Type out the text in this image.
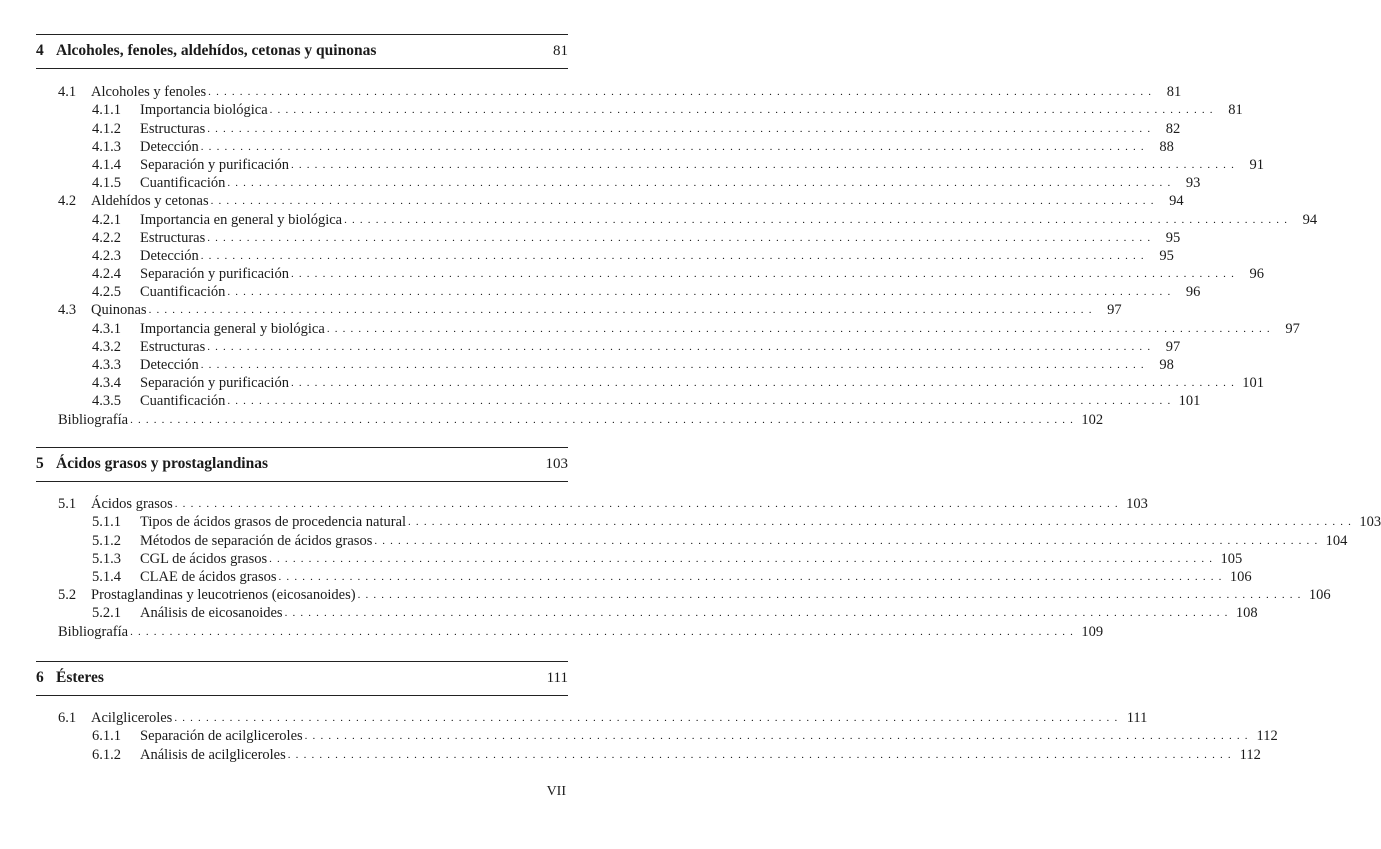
4 Alcoholes, fenoles, aldehídos, cetonas y quinonas	81
4.1	Alcoholes y fenoles . . . . . . . . . . . . . . . . . . . . . . . . . . . . . . . . . . . . . . . . . . . . . . . . . . . . . . . . . . . . . . . . . . . . . . . . . . . . . . . . . . . . . . . . . . . . . . . . . . . . . . . . . . . . . . . . . . . . . . . .	81
4.1.1	Importancia biológica . . . . . . . . . . . . . . . . . . . . . . . . . . . . . . . . . . . . . . . . . . . . . . . . . . . . . . . . . . . . . . . . . . . . . . . . . . . . . . . . . . . . . . . . . . . . . . . . . . . . . . . . . . . . . . . . . . . . . . . .	81
4.1.2	Estructuras . . . . . . . . . . . . . . . . . . . . . . . . . . . . . . . . . . . . . . . . . . . . . . . . . . . . . . . . . . . . . . . . . . . . . . . . . . . . . . . . . . . . . . . . . . . . . . . . . . . . . . . . . . . . . . . . . . . . . . . .	82
4.1.3	Detección . . . . . . . . . . . . . . . . . . . . . . . . . . . . . . . . . . . . . . . . . . . . . . . . . . . . . . . . . . . . . . . . . . . . . . . . . . . . . . . . . . . . . . . . . . . . . . . . . . . . . . . . . . . . . . . . . . . . . . . .	88
4.1.4	Separación y purificación . . . . . . . . . . . . . . . . . . . . . . . . . . . . . . . . . . . . . . . . . . . . . . . . . . . . . . . . . . . . . . . . . . . . . . . . . . . . . . . . . . . . . . . . . . . . . . . . . . . . . . . . . . . . . . . . . . . . . . . .	91
4.1.5	Cuantificación . . . . . . . . . . . . . . . . . . . . . . . . . . . . . . . . . . . . . . . . . . . . . . . . . . . . . . . . . . . . . . . . . . . . . . . . . . . . . . . . . . . . . . . . . . . . . . . . . . . . . . . . . . . . . . . . . . . . . . . .	93
4.2	Aldehídos y cetonas . . . . . . . . . . . . . . . . . . . . . . . . . . . . . . . . . . . . . . . . . . . . . . . . . . . . . . . . . . . . . . . . . . . . . . . . . . . . . . . . . . . . . . . . . . . . . . . . . . . . . . . . . . . . . . . . . . . . . . . .	94
4.2.1	Importancia en general y biológica . . . . . . . . . . . . . . . . . . . . . . . . . . . . . . . . . . . . . . . . . . . . . . . . . . . . . . . . . . . . . . . . . . . . . . . . . . . . . . . . . . . . . . . . . . . . . . . . . . . . . . . . . . . . . . . . . . . . . . . .	94
4.2.2	Estructuras . . . . . . . . . . . . . . . . . . . . . . . . . . . . . . . . . . . . . . . . . . . . . . . . . . . . . . . . . . . . . . . . . . . . . . . . . . . . . . . . . . . . . . . . . . . . . . . . . . . . . . . . . . . . . . . . . . . . . . . .	95
4.2.3	Detección . . . . . . . . . . . . . . . . . . . . . . . . . . . . . . . . . . . . . . . . . . . . . . . . . . . . . . . . . . . . . . . . . . . . . . . . . . . . . . . . . . . . . . . . . . . . . . . . . . . . . . . . . . . . . . . . . . . . . . . .	95
4.2.4	Separación y purificación . . . . . . . . . . . . . . . . . . . . . . . . . . . . . . . . . . . . . . . . . . . . . . . . . . . . . . . . . . . . . . . . . . . . . . . . . . . . . . . . . . . . . . . . . . . . . . . . . . . . . . . . . . . . . . . . . . . . . . . .	96
4.2.5	Cuantificación . . . . . . . . . . . . . . . . . . . . . . . . . . . . . . . . . . . . . . . . . . . . . . . . . . . . . . . . . . . . . . . . . . . . . . . . . . . . . . . . . . . . . . . . . . . . . . . . . . . . . . . . . . . . . . . . . . . . . . . .	96
4.3	Quinonas . . . . . . . . . . . . . . . . . . . . . . . . . . . . . . . . . . . . . . . . . . . . . . . . . . . . . . . . . . . . . . . . . . . . . . . . . . . . . . . . . . . . . . . . . . . . . . . . . . . . . . . . . . . . . . . . . . . . . . . .	97
4.3.1	Importancia general y biológica . . . . . . . . . . . . . . . . . . . . . . . . . . . . . . . . . . . . . . . . . . . . . . . . . . . . . . . . . . . . . . . . . . . . . . . . . . . . . . . . . . . . . . . . . . . . . . . . . . . . . . . . . . . . . . . . . . . . . . . .	97
4.3.2	Estructuras . . . . . . . . . . . . . . . . . . . . . . . . . . . . . . . . . . . . . . . . . . . . . . . . . . . . . . . . . . . . . . . . . . . . . . . . . . . . . . . . . . . . . . . . . . . . . . . . . . . . . . . . . . . . . . . . . . . . . . . .	97
4.3.3	Detección . . . . . . . . . . . . . . . . . . . . . . . . . . . . . . . . . . . . . . . . . . . . . . . . . . . . . . . . . . . . . . . . . . . . . . . . . . . . . . . . . . . . . . . . . . . . . . . . . . . . . . . . . . . . . . . . . . . . . . . .	98
4.3.4	Separación y purificación . . . . . . . . . . . . . . . . . . . . . . . . . . . . . . . . . . . . . . . . . . . . . . . . . . . . . . . . . . . . . . . . . . . . . . . . . . . . . . . . . . . . . . . . . . . . . . . . . . . . . . . . . . . . . . . . . . . . . . . . 101
4.3.5	Cuantificación . . . . . . . . . . . . . . . . . . . . . . . . . . . . . . . . . . . . . . . . . . . . . . . . . . . . . . . . . . . . . . . . . . . . . . . . . . . . . . . . . . . . . . . . . . . . . . . . . . . . . . . . . . . . . . . . . . . . . . . . 101
Bibliografía . . . . . . . . . . . . . . . . . . . . . . . . . . . . . . . . . . . . . . . . . . . . . . . . . . . . . . . . . . . . . . . . . . . . . . . . . . . . . . . . . . . . . . . . . . . . . . . . . . . . . . . . . . . . . . . . . . . . . . . . 102
5 Ácidos grasos y prostaglandinas	103
5.1	Ácidos grasos . . . . . . . . . . . . . . . . . . . . . . . . . . . . . . . . . . . . . . . . . . . . . . . . . . . . . . . . . . . . . . . . . . . . . . . . . . . . . . . . . . . . . . . . . . . . . . . . . . . . . . . . . . . . . . . . . . . . . . . . 103
5.1.1	Tipos de ácidos grasos de procedencia natural . . . . . . . . . . . . . . . . . . . . . . . . . . . . . . . . . . . . . . . . . . . . . . . . . . . . . . . . . . . . . . . . . . . . . . . . . . . . . . . . . . . . . . . . . . . . . . . . . . . . . . . . . . . . . . . . . . . . . . . . 103
5.1.2	Métodos de separación de ácidos grasos . . . . . . . . . . . . . . . . . . . . . . . . . . . . . . . . . . . . . . . . . . . . . . . . . . . . . . . . . . . . . . . . . . . . . . . . . . . . . . . . . . . . . . . . . . . . . . . . . . . . . . . . . . . . . . . . . . . . . . . . 104
5.1.3	CGL de ácidos grasos . . . . . . . . . . . . . . . . . . . . . . . . . . . . . . . . . . . . . . . . . . . . . . . . . . . . . . . . . . . . . . . . . . . . . . . . . . . . . . . . . . . . . . . . . . . . . . . . . . . . . . . . . . . . . . . . . . . . . . . . 105
5.1.4	CLAE de ácidos grasos . . . . . . . . . . . . . . . . . . . . . . . . . . . . . . . . . . . . . . . . . . . . . . . . . . . . . . . . . . . . . . . . . . . . . . . . . . . . . . . . . . . . . . . . . . . . . . . . . . . . . . . . . . . . . . . . . . . . . . . . 106
5.2	Prostaglandinas y leucotrienos (eicosanoides) . . . . . . . . . . . . . . . . . . . . . . . . . . . . . . . . . . . . . . . . . . . . . . . . . . . . . . . . . . . . . . . . . . . . . . . . . . . . . . . . . . . . . . . . . . . . . . . . . . . . . . . . . . . . . . . . . . . . . . . . 106
5.2.1	Análisis de eicosanoides . . . . . . . . . . . . . . . . . . . . . . . . . . . . . . . . . . . . . . . . . . . . . . . . . . . . . . . . . . . . . . . . . . . . . . . . . . . . . . . . . . . . . . . . . . . . . . . . . . . . . . . . . . . . . . . . . . . . . . . . 108
Bibliografía . . . . . . . . . . . . . . . . . . . . . . . . . . . . . . . . . . . . . . . . . . . . . . . . . . . . . . . . . . . . . . . . . . . . . . . . . . . . . . . . . . . . . . . . . . . . . . . . . . . . . . . . . . . . . . . . . . . . . . . . 109
6 Ésteres	111
6.1	Acilgliceroles . . . . . . . . . . . . . . . . . . . . . . . . . . . . . . . . . . . . . . . . . . . . . . . . . . . . . . . . . . . . . . . . . . . . . . . . . . . . . . . . . . . . . . . . . . . . . . . . . . . . . . . . . . . . . . . . . . . . . . . . 111
6.1.1	Separación de acilgliceroles . . . . . . . . . . . . . . . . . . . . . . . . . . . . . . . . . . . . . . . . . . . . . . . . . . . . . . . . . . . . . . . . . . . . . . . . . . . . . . . . . . . . . . . . . . . . . . . . . . . . . . . . . . . . . . . . . . . . . . . . 112
6.1.2	Análisis de acilgliceroles . . . . . . . . . . . . . . . . . . . . . . . . . . . . . . . . . . . . . . . . . . . . . . . . . . . . . . . . . . . . . . . . . . . . . . . . . . . . . . . . . . . . . . . . . . . . . . . . . . . . . . . . . . . . . . . . . . . . . . . . 112
VII
